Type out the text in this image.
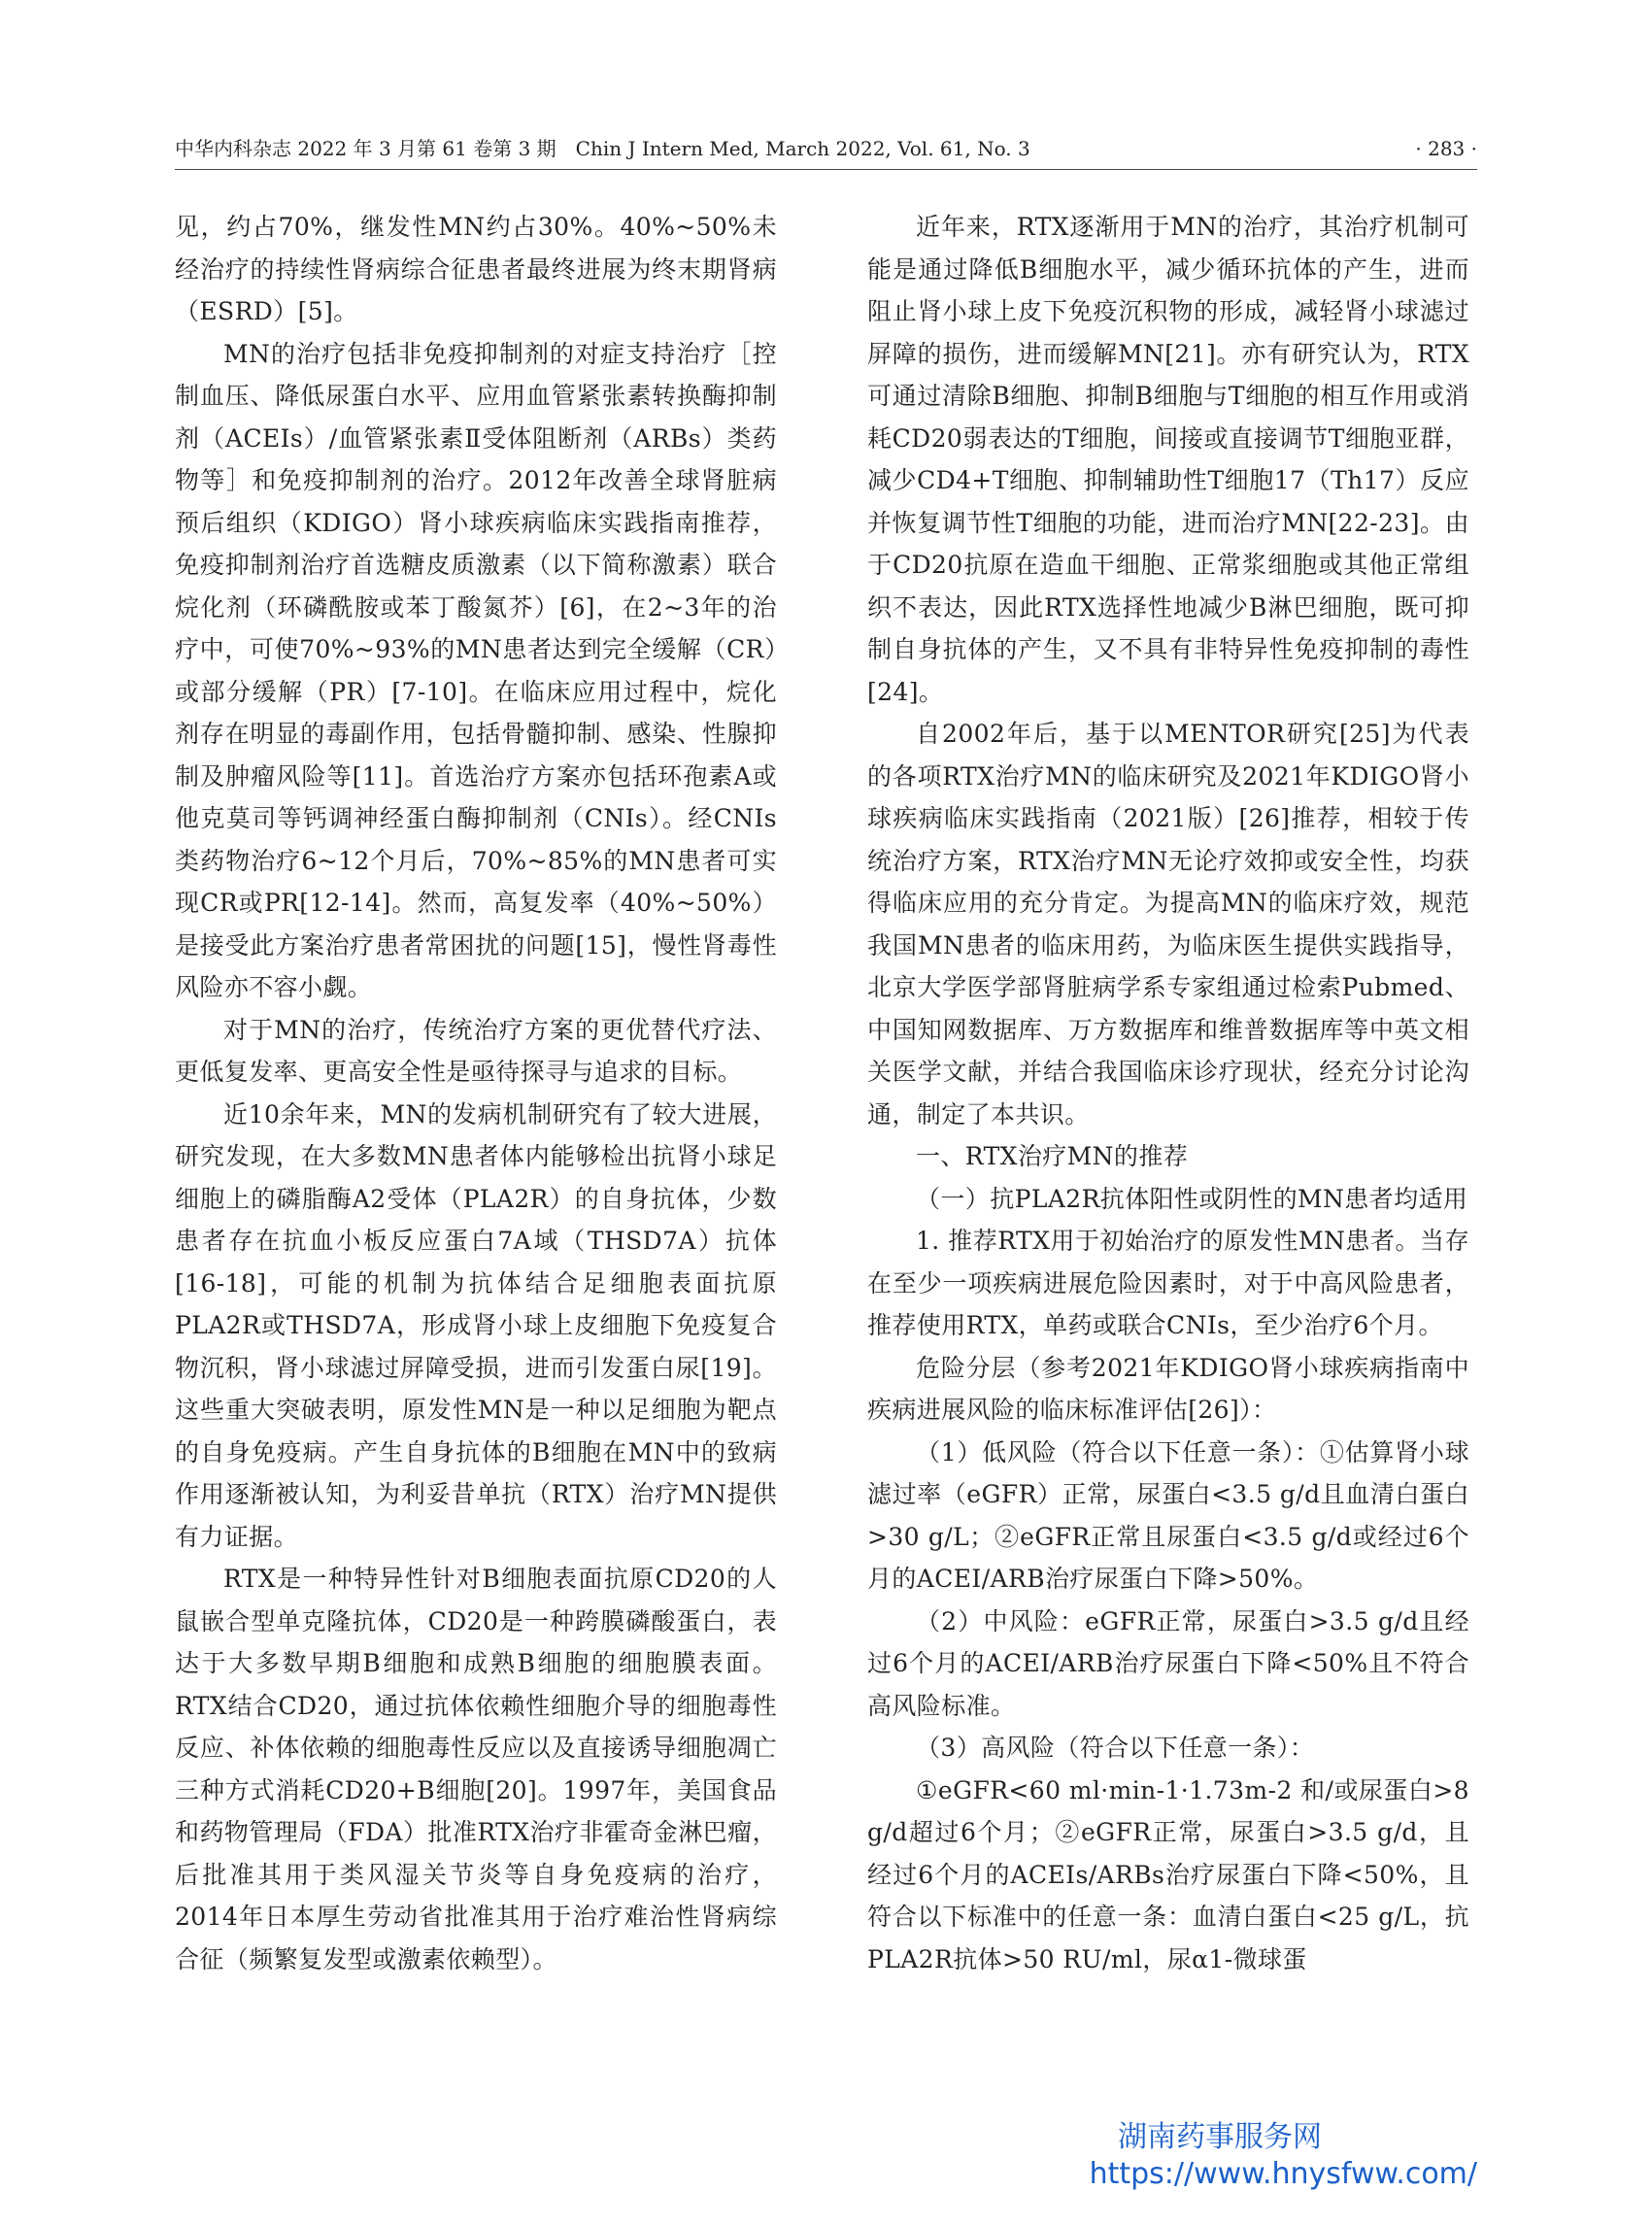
中华内科杂志 2022 年 3 月第 61 卷第 3 期　Chin J Intern Med, March 2022, Vol. 61, No. 3	· 283 ·

见，约占70%，继发性MN约占30%。40%~50%未经治疗的持续性肾病综合征患者最终进展为终末期肾病（ESRD）[5]。

MN的治疗包括非免疫抑制剂的对症支持治疗［控制血压、降低尿蛋白水平、应用血管紧张素转换酶抑制剂（ACEIs）/血管紧张素Ⅱ受体阻断剂（ARBs）类药物等］和免疫抑制剂的治疗。2012年改善全球肾脏病预后组织（KDIGO）肾小球疾病临床实践指南推荐，免疫抑制剂治疗首选糖皮质激素（以下简称激素）联合烷化剂（环磷酰胺或苯丁酸氮芥）[6]，在2~3年的治疗中，可使70%~93%的MN患者达到完全缓解（CR）或部分缓解（PR）[7-10]。在临床应用过程中，烷化剂存在明显的毒副作用，包括骨髓抑制、感染、性腺抑制及肿瘤风险等[11]。首选治疗方案亦包括环孢素A或他克莫司等钙调神经蛋白酶抑制剂（CNIs）。经CNIs类药物治疗6~12个月后，70%~85%的MN患者可实现CR或PR[12-14]。然而，高复发率（40%~50%）是接受此方案治疗患者常困扰的问题[15]，慢性肾毒性风险亦不容小觑。

对于MN的治疗，传统治疗方案的更优替代疗法、更低复发率、更高安全性是亟待探寻与追求的目标。

近10余年来，MN的发病机制研究有了较大进展，研究发现，在大多数MN患者体内能够检出抗肾小球足细胞上的磷脂酶A2受体（PLA2R）的自身抗体，少数患者存在抗血小板反应蛋白7A域（THSD7A）抗体[16-18]，可能的机制为抗体结合足细胞表面抗原PLA2R或THSD7A，形成肾小球上皮细胞下免疫复合物沉积，肾小球滤过屏障受损，进而引发蛋白尿[19]。这些重大突破表明，原发性MN是一种以足细胞为靶点的自身免疫病。产生自身抗体的B细胞在MN中的致病作用逐渐被认知，为利妥昔单抗（RTX）治疗MN提供有力证据。

RTX是一种特异性针对B细胞表面抗原CD20的人鼠嵌合型单克隆抗体，CD20是一种跨膜磷酸蛋白，表达于大多数早期B细胞和成熟B细胞的细胞膜表面。RTX结合CD20，通过抗体依赖性细胞介导的细胞毒性反应、补体依赖的细胞毒性反应以及直接诱导细胞凋亡三种方式消耗CD20+B细胞[20]。1997年，美国食品和药物管理局（FDA）批准RTX治疗非霍奇金淋巴瘤，后批准其用于类风湿关节炎等自身免疫病的治疗，2014年日本厚生劳动省批准其用于治疗难治性肾病综合征（频繁复发型或激素依赖型）。

近年来，RTX逐渐用于MN的治疗，其治疗机制可能是通过降低B细胞水平，减少循环抗体的产生，进而阻止肾小球上皮下免疫沉积物的形成，减轻肾小球滤过屏障的损伤，进而缓解MN[21]。亦有研究认为，RTX可通过清除B细胞、抑制B细胞与T细胞的相互作用或消耗CD20弱表达的T细胞，间接或直接调节T细胞亚群，减少CD4+T细胞、抑制辅助性T细胞17（Th17）反应并恢复调节性T细胞的功能，进而治疗MN[22-23]。由于CD20抗原在造血干细胞、正常浆细胞或其他正常组织不表达，因此RTX选择性地减少B淋巴细胞，既可抑制自身抗体的产生，又不具有非特异性免疫抑制的毒性[24]。

自2002年后，基于以MENTOR研究[25]为代表的各项RTX治疗MN的临床研究及2021年KDIGO肾小球疾病临床实践指南（2021版）[26]推荐，相较于传统治疗方案，RTX治疗MN无论疗效抑或安全性，均获得临床应用的充分肯定。为提高MN的临床疗效，规范我国MN患者的临床用药，为临床医生提供实践指导，北京大学医学部肾脏病学系专家组通过检索Pubmed、中国知网数据库、万方数据库和维普数据库等中英文相关医学文献，并结合我国临床诊疗现状，经充分讨论沟通，制定了本共识。

一、RTX治疗MN的推荐

（一）抗PLA2R抗体阳性或阴性的MN患者均适用

1. 推荐RTX用于初始治疗的原发性MN患者。当存在至少一项疾病进展危险因素时，对于中高风险患者，推荐使用RTX，单药或联合CNIs，至少治疗6个月。

危险分层（参考2021年KDIGO肾小球疾病指南中疾病进展风险的临床标准评估[26]）：

（1）低风险（符合以下任意一条）：①估算肾小球滤过率（eGFR）正常，尿蛋白<3.5 g/d且血清白蛋白>30 g/L；②eGFR正常且尿蛋白<3.5 g/d或经过6个月的ACEI/ARB治疗尿蛋白下降>50%。

（2）中风险：eGFR正常，尿蛋白>3.5 g/d且经过6个月的ACEI/ARB治疗尿蛋白下降<50%且不符合高风险标准。

（3）高风险（符合以下任意一条）：

①eGFR<60 ml·min-1·1.73m-2 和/或尿蛋白>8 g/d超过6个月；②eGFR正常，尿蛋白>3.5 g/d，且经过6个月的ACEIs/ARBs治疗尿蛋白下降<50%，且符合以下标准中的任意一条：血清白蛋白<25 g/L，抗PLA2R抗体>50 RU/ml，尿α1-微球蛋

湖南药事服务网
https://www.hnysfww.com/
